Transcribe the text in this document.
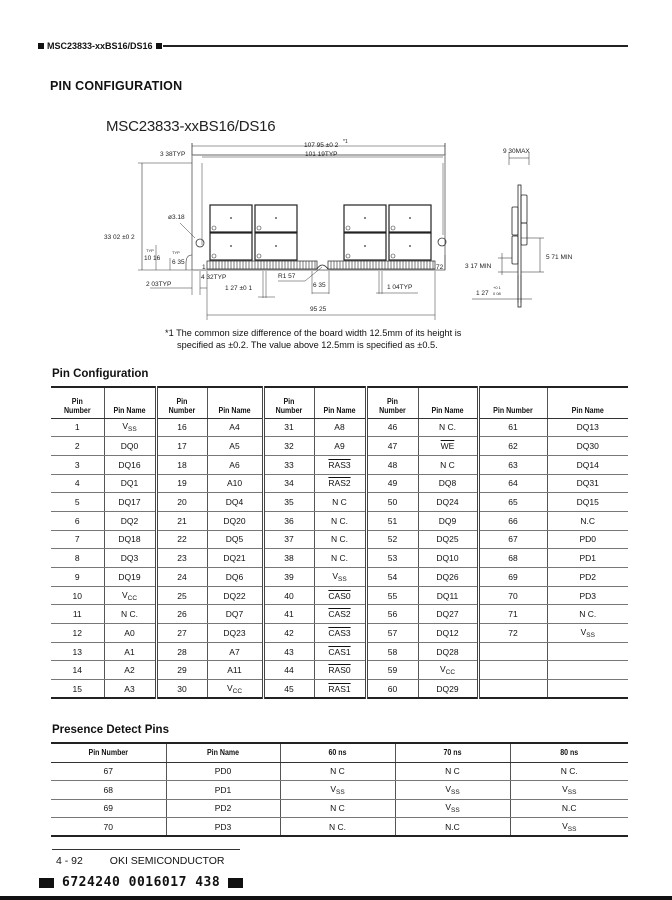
MSC23833-xxBS16/DS16
PIN CONFIGURATION
MSC23833-xxBS16/DS16
107 95 ±0 2 *1
101 19TYP
3 38TYP
ø3.18
33 02 ±0 2
TYP
10 16
TYP
6 35
1	72
2 03TYP
4 32TYP
1 27 ±0 1
R1 57
6 35	1 04TYP
95 25
9 30MAX
3 17 MIN
5 71 MIN
1 27
+0 1
0 08
*1 The common size difference of the board width 12.5mm of its height is
specified as ±0.2. The value above 12.5mm is specified as ±0.5.
Pin Configuration
Pin
Number	Pin Name	Pin
Number	Pin Name	Pin
Number	Pin Name	Pin
Number	Pin Name	Pin Number	Pin Name
1	$V_{SS}$	16	A4	31	A8	46	N C.	61	DQ13
2	DQ0	17	A5	32	A9	47	$\overline{WE}$	62	DQ30
3	DQ16	18	A6	33	RAS3	48	N C	63	DQ14
4	DQ1	19	A10	34	RAS2	49	DQ8	64	DQ31
5	DQ17	20	DQ4	35	N C	50	DQ24	65	DQ15
6	DQ2	21	DQ20	36	N C.	51	DQ9	66	N.C
7	DQ18	22	DQ5	37	N C.	52	DQ25	67	PD0
8	DQ3	23	DQ21	38	N C.	53	DQ10	68	PD1
9	DQ19	24	DQ6	39	$V_{SS}$	54	DQ26	69	PD2
10	$V_{CC}$	25	DQ22	40	CAS0	55	DQ11	70	PD3
11	N C.	26	DQ7	41	CAS2	56	DQ27	71	N C.
12	A0	27	DQ23	42	CAS3	57	DQ12	72	$V_{SS}$
13	A1	28	A7	43	CAS1	58	DQ28		
14	A2	29	A11	44	RAS0	59	$V_{CC}$		
15	A3	30	$V_{CC}$	45	RAS1	60	DQ29		
Presence Detect Pins
Pin Number	Pin Name	60 ns	70 ns	80 ns
67	PD0	N C	N C	N C.
68	PD1	$V_{SS}$	$V_{SS}$	$V_{SS}$
69	PD2	N C	$V_{SS}$	N.C
70	PD3	N C.	N.C	$V_{SS}$
4 - 92	OKI SEMICONDUCTOR
6724240 0016017 438
